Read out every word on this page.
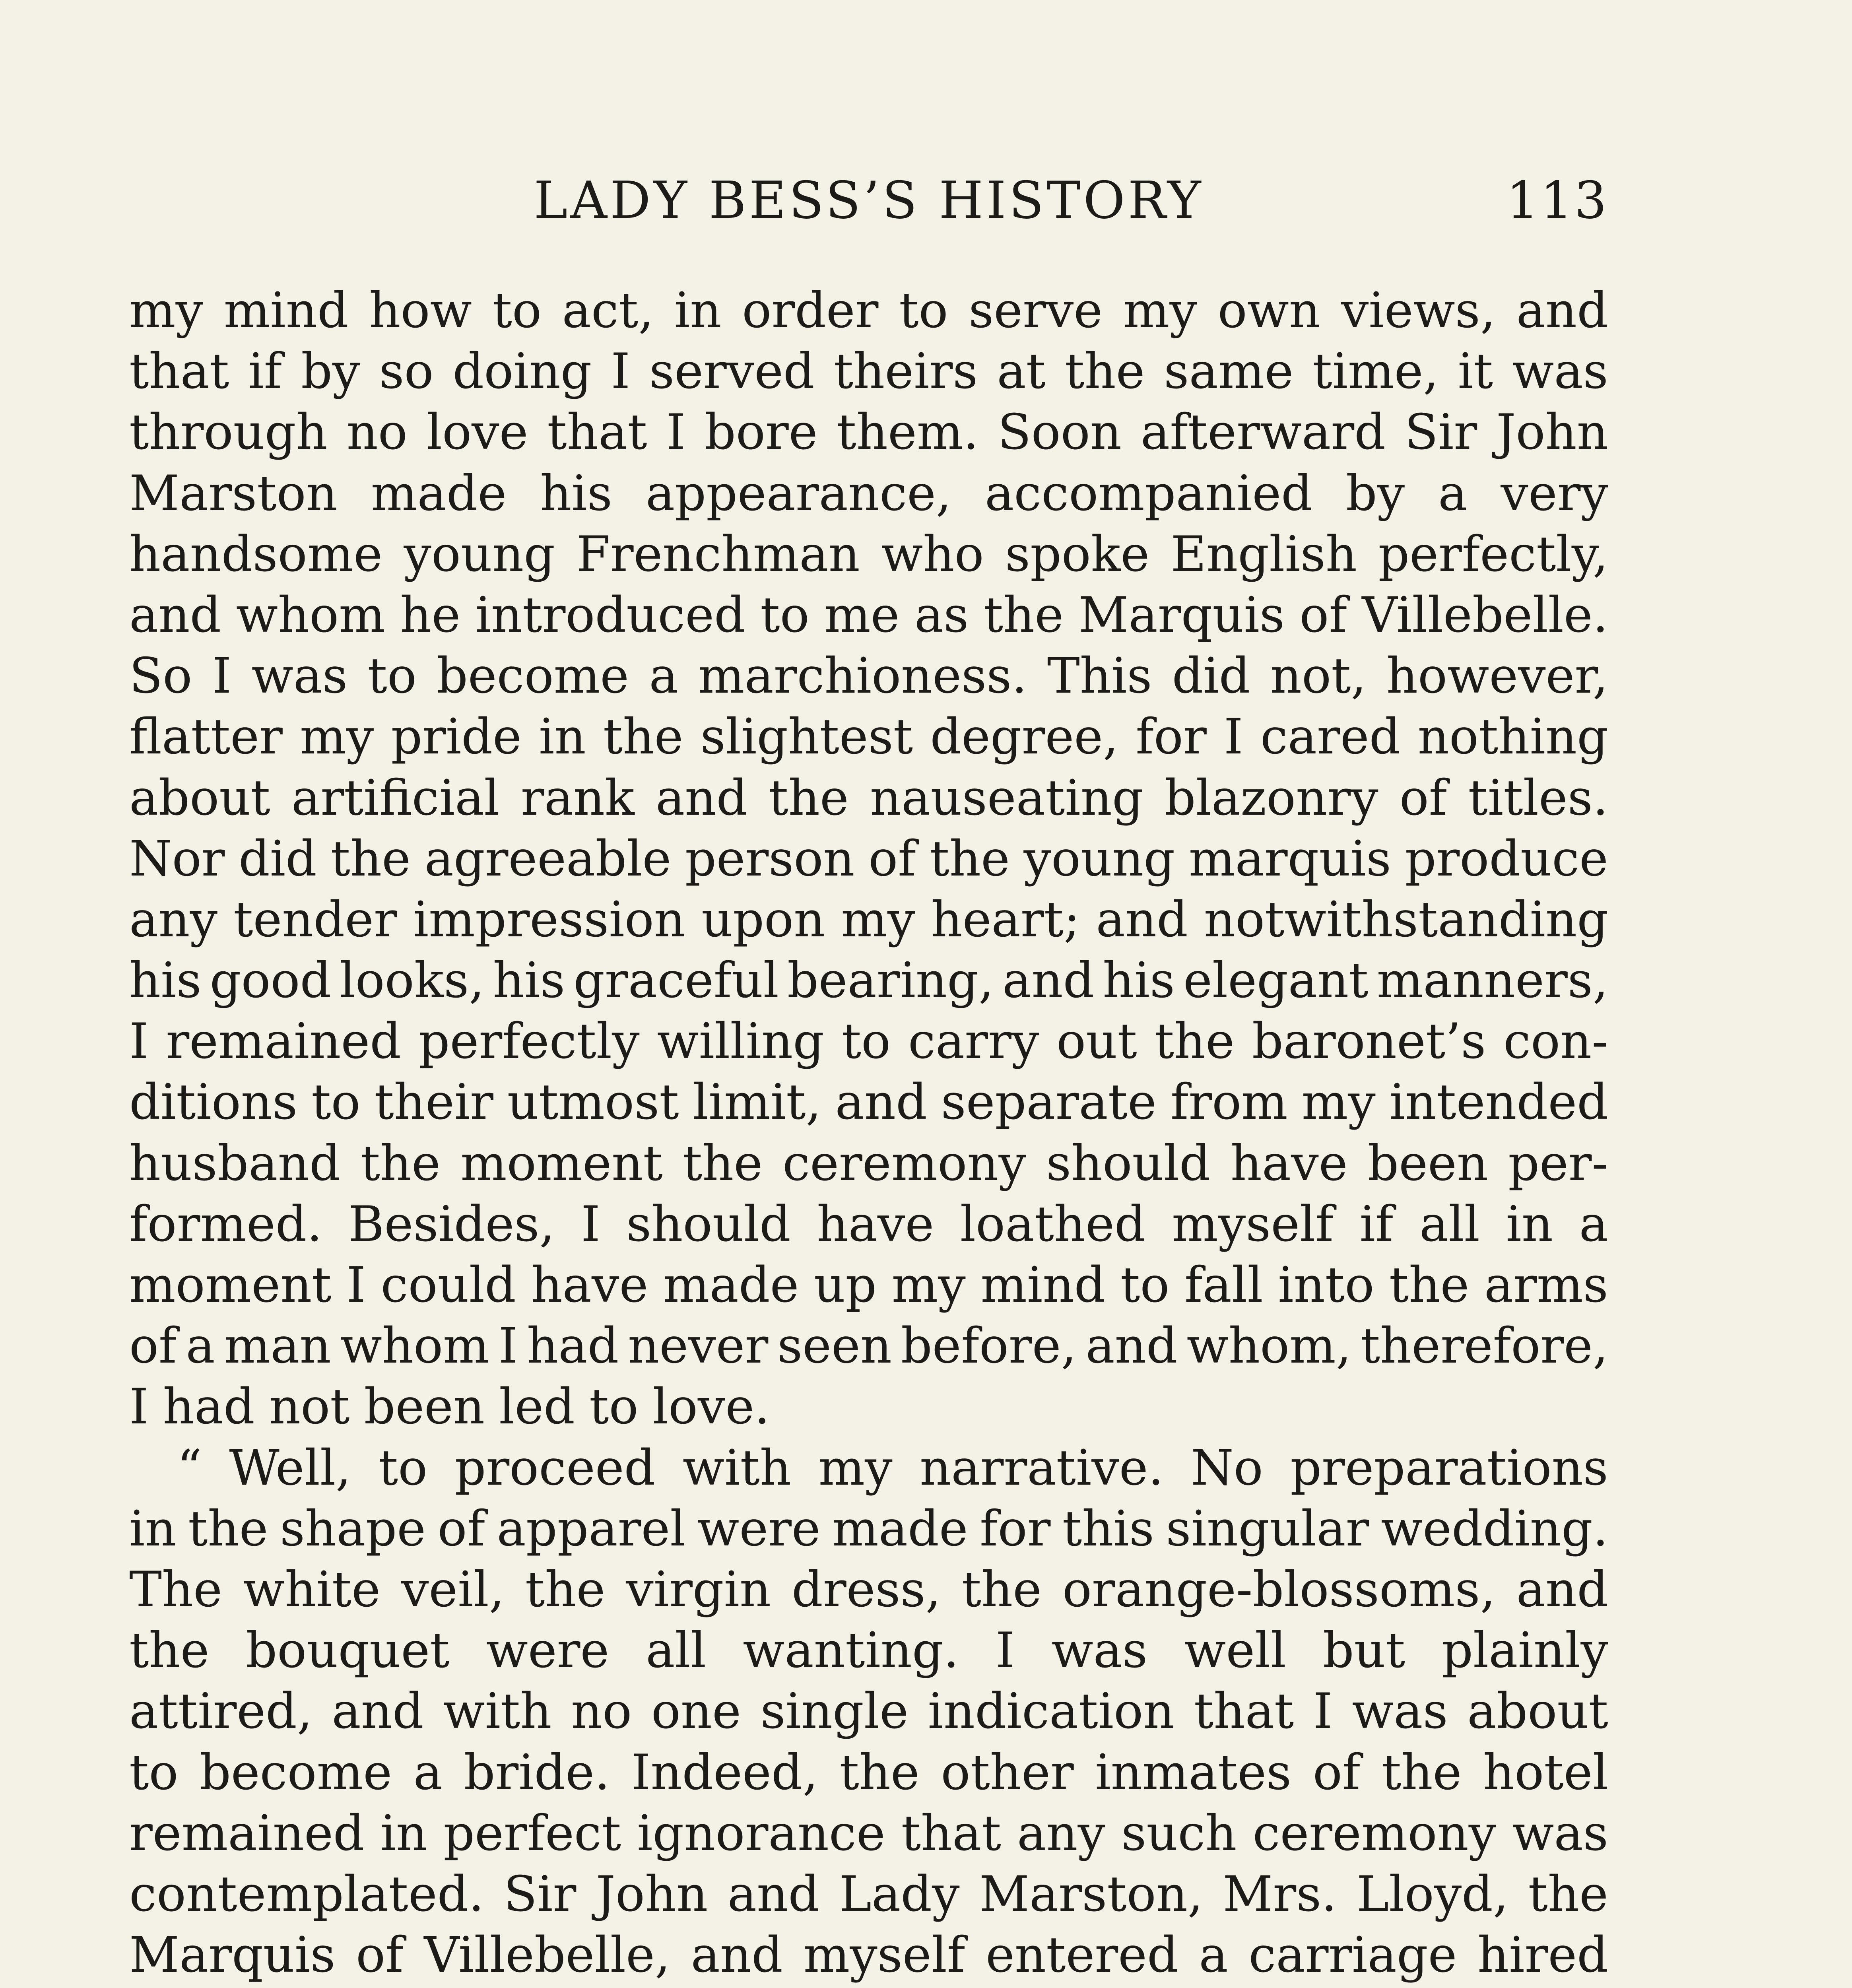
LADY BESS’S HISTORY	113
my mind how to act, in order to serve my own views, and
that if by so doing I served theirs at the same time, it was
through no love that I bore them. Soon afterward Sir John
Marston made his appearance, accompanied by a very
handsome young Frenchman who spoke English perfectly,
and whom he introduced to me as the Marquis of Villebelle.
So I was to become a marchioness. This did not, however,
flatter my pride in the slightest degree, for I cared nothing
about artificial rank and the nauseating blazonry of titles.
Nor did the agreeable person of the young marquis produce
any tender impression upon my heart; and notwithstanding
his good looks, his graceful bearing, and his elegant manners,
I remained perfectly willing to carry out the baronet’s con-
ditions to their utmost limit, and separate from my intended
husband the moment the ceremony should have been per-
formed. Besides, I should have loathed myself if all in a
moment I could have made up my mind to fall into the arms
of a man whom I had never seen before, and whom, therefore,
I had not been led to love.
“ Well, to proceed with my narrative. No preparations
in the shape of apparel were made for this singular wedding.
The white veil, the virgin dress, the orange-blossoms, and
the bouquet were all wanting. I was well but plainly
attired, and with no one single indication that I was about
to become a bride. Indeed, the other inmates of the hotel
remained in perfect ignorance that any such ceremony was
contemplated. Sir John and Lady Marston, Mrs. Lloyd, the
Marquis of Villebelle, and myself entered a carriage hired
